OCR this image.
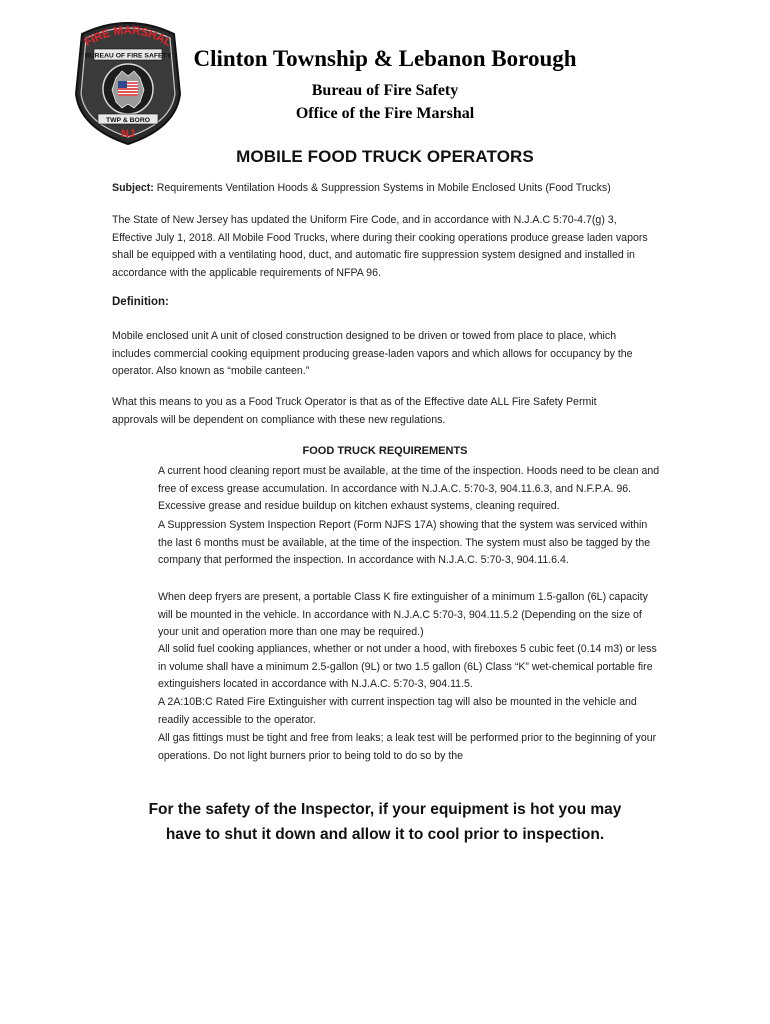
FIRE MARSHAL
BUREAU OF FIRE SAFETY
TWP & BORO
NJ
Clinton Township & Lebanon Borough
Bureau of Fire Safety
Office of the Fire Marshal
MOBILE FOOD TRUCK OPERATORS
Subject: Requirements Ventilation Hoods & Suppression Systems in Mobile Enclosed Units (Food Trucks)
The State of New Jersey has updated the Uniform Fire Code, and in accordance with N.J.A.C 5:70-4.7(g) 3, Effective July 1, 2018. All Mobile Food Trucks, where during their cooking operations produce grease laden vapors shall be equipped with a ventilating hood, duct, and automatic fire suppression system designed and installed in accordance with the applicable requirements of NFPA 96.
Definition:
Mobile enclosed unit A unit of closed construction designed to be driven or towed from place to place, which includes commercial cooking equipment producing grease-laden vapors and which allows for occupancy by the operator. Also known as “mobile canteen.”
What this means to you as a Food Truck Operator is that as of the Effective date ALL Fire Safety Permit approvals will be dependent on compliance with these new regulations.
FOOD TRUCK REQUIREMENTS
A current hood cleaning report must be available, at the time of the inspection. Hoods need to be clean and free of excess grease accumulation. In accordance with N.J.A.C. 5:70-3, 904.11.6.3, and N.F.P.A. 96. Excessive grease and residue buildup on kitchen exhaust systems, cleaning required.
A Suppression System Inspection Report (Form NJFS 17A) showing that the system was serviced within the last 6 months must be available, at the time of the inspection. The system must also be tagged by the company that performed the inspection. In accordance with N.J.A.C. 5:70-3, 904.11.6.4.
When deep fryers are present, a portable Class K fire extinguisher of a minimum 1.5-gallon (6L) capacity will be mounted in the vehicle. In accordance with N.J.A.C 5:70-3, 904.11.5.2 (Depending on the size of your unit and operation more than one may be required.)
All solid fuel cooking appliances, whether or not under a hood, with fireboxes 5 cubic feet (0.14 m3) or less in volume shall have a minimum 2.5-gallon (9L) or two 1.5 gallon (6L) Class “K” wet-chemical portable fire extinguishers located in accordance with N.J.A.C. 5:70-3, 904.11.5.
A 2A:10B:C Rated Fire Extinguisher with current inspection tag will also be mounted in the vehicle and readily accessible to the operator.
All gas fittings must be tight and free from leaks; a leak test will be performed prior to the beginning of your operations. Do not light burners prior to being told to do so by the
For the safety of the Inspector, if your equipment is hot you may
have to shut it down and allow it to cool prior to inspection.
